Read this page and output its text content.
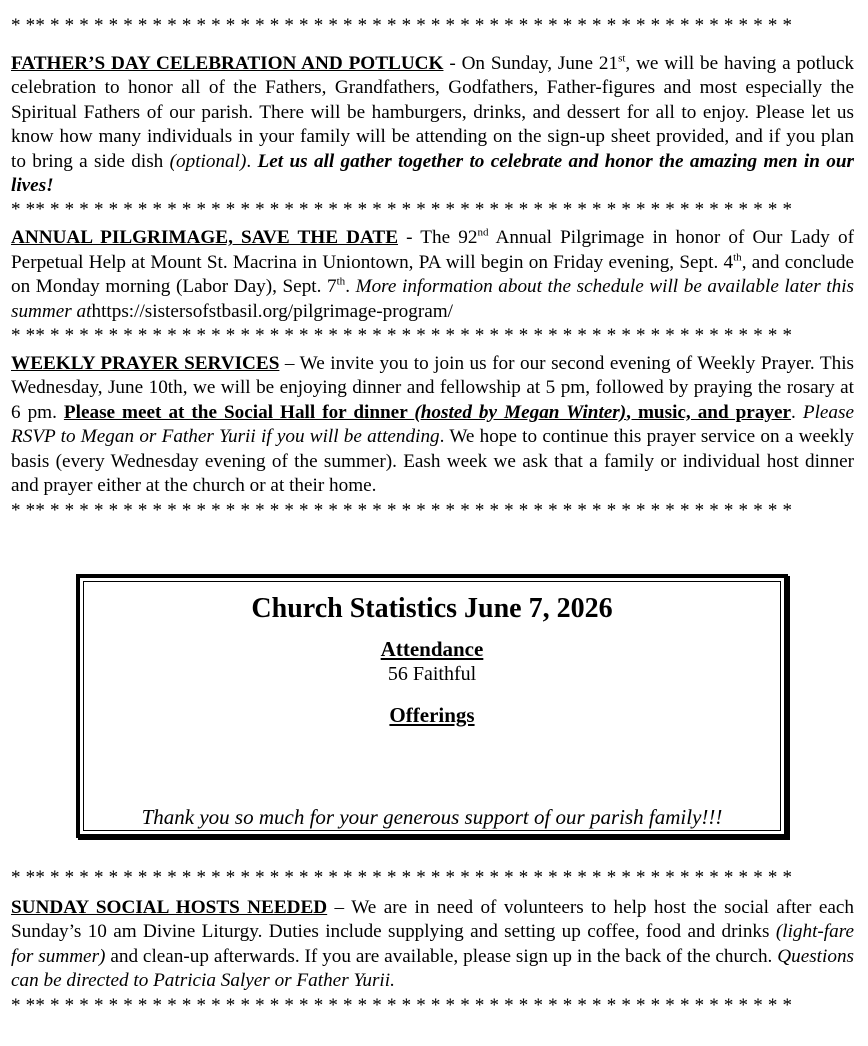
* ** * * * * * * * * * * * * * * * * * * * * * * * * * * * * * * * * * * * * * * * * * * * * * * * * * * *

FATHER’S DAY CELEBRATION AND POTLUCK - On Sunday, June 21st, we will be having a potluck celebration to honor all of the Fathers, Grandfathers, Godfathers, Father-figures and most especially the Spiritual Fathers of our parish. There will be hamburgers, drinks, and dessert for all to enjoy. Please let us know how many individuals in your family will be attending on the sign-up sheet provided, and if you plan to bring a side dish (optional). Let us all gather together to celebrate and honor the amazing men in our lives!

* ** * * * * * * * * * * * * * * * * * * * * * * * * * * * * * * * * * * * * * * * * * * * * * * * * * * *

ANNUAL PILGRIMAGE, SAVE THE DATE - The 92nd Annual Pilgrimage in honor of Our Lady of Perpetual Help at Mount St. Macrina in Uniontown, PA will begin on Friday evening, Sept. 4th, and conclude on Monday morning (Labor Day), Sept. 7th. More information about the schedule will be available later this summer athttps://sistersofstbasil.org/pilgrimage-program/

* ** * * * * * * * * * * * * * * * * * * * * * * * * * * * * * * * * * * * * * * * * * * * * * * * * * * *

WEEKLY PRAYER SERVICES – We invite you to join us for our second evening of Weekly Prayer. This Wednesday, June 10th, we will be enjoying dinner and fellowship at 5 pm, followed by praying the rosary at 6 pm. Please meet at the Social Hall for dinner (hosted by Megan Winter), music, and prayer. Please RSVP to Megan or Father Yurii if you will be attending. We hope to continue this prayer service on a weekly basis (every Wednesday evening of the summer). Eash week we ask that a family or individual host dinner and prayer either at the church or at their home.

* ** * * * * * * * * * * * * * * * * * * * * * * * * * * * * * * * * * * * * * * * * * * * * * * * * * * *
Church Statistics June 7, 2026
Attendance
56 Faithful
Offerings
Thank you so much for your generous support of our parish family!!!
* ** * * * * * * * * * * * * * * * * * * * * * * * * * * * * * * * * * * * * * * * * * * * * * * * * * * *

SUNDAY SOCIAL HOSTS NEEDED – We are in need of volunteers to help host the social after each Sunday’s 10 am Divine Liturgy. Duties include supplying and setting up coffee, food and drinks (light-fare for summer) and clean-up afterwards. If you are available, please sign up in the back of the church. Questions can be directed to Patricia Salyer or Father Yurii.

* ** * * * * * * * * * * * * * * * * * * * * * * * * * * * * * * * * * * * * * * * * * * * * * * * * * * *
